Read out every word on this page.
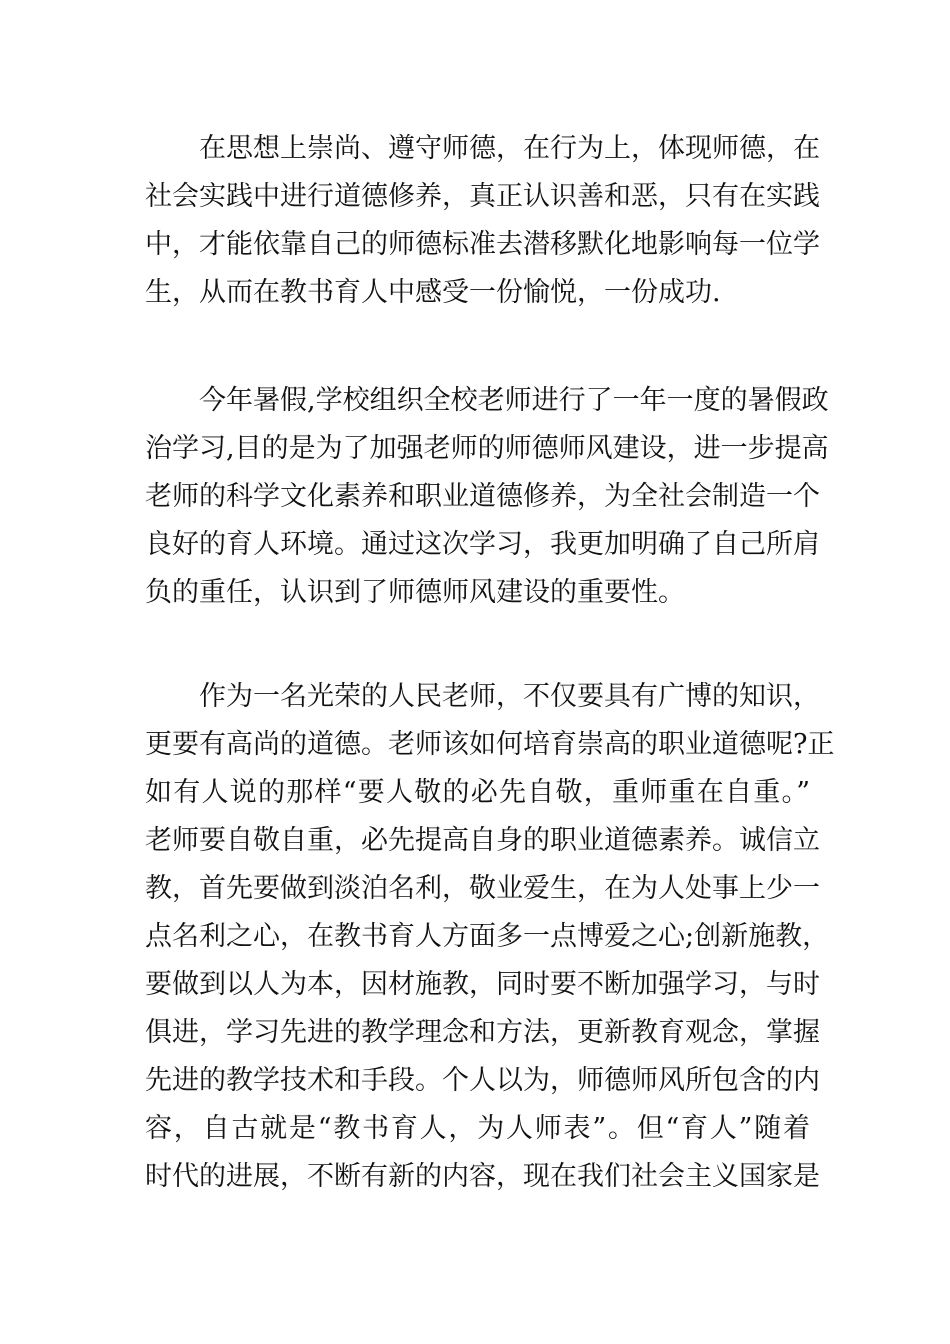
在思想上崇尚、遵守师德，在行为上，体现师德，在
社会实践中进行道德修养，真正认识善和恶，只有在实践
中，才能依靠自己的师德标准去潜移默化地影响每一位学
生，从而在教书育人中感受一份愉悦，一份成功.
今年暑假,学校组织全校老师进行了一年一度的暑假政
治学习,目的是为了加强老师的师德师风建设，进一步提高
老师的科学文化素养和职业道德修养，为全社会制造一个
良好的育人环境。通过这次学习，我更加明确了自己所肩
负的重任，认识到了师德师风建设的重要性。
作为一名光荣的人民老师，不仅要具有广博的知识，
更要有高尚的道德。老师该如何培育崇高的职业道德呢?正
如有人说的那样“要人敬的必先自敬，重师重在自重。”
老师要自敬自重，必先提高自身的职业道德素养。诚信立
教，首先要做到淡泊名利，敬业爱生，在为人处事上少一
点名利之心，在教书育人方面多一点博爱之心;创新施教，
要做到以人为本，因材施教，同时要不断加强学习，与时
俱进，学习先进的教学理念和方法，更新教育观念，掌握
先进的教学技术和手段。个人以为，师德师风所包含的内
容，自古就是“教书育人，为人师表”。但“育人”随着
时代的进展，不断有新的内容，现在我们社会主义国家是
